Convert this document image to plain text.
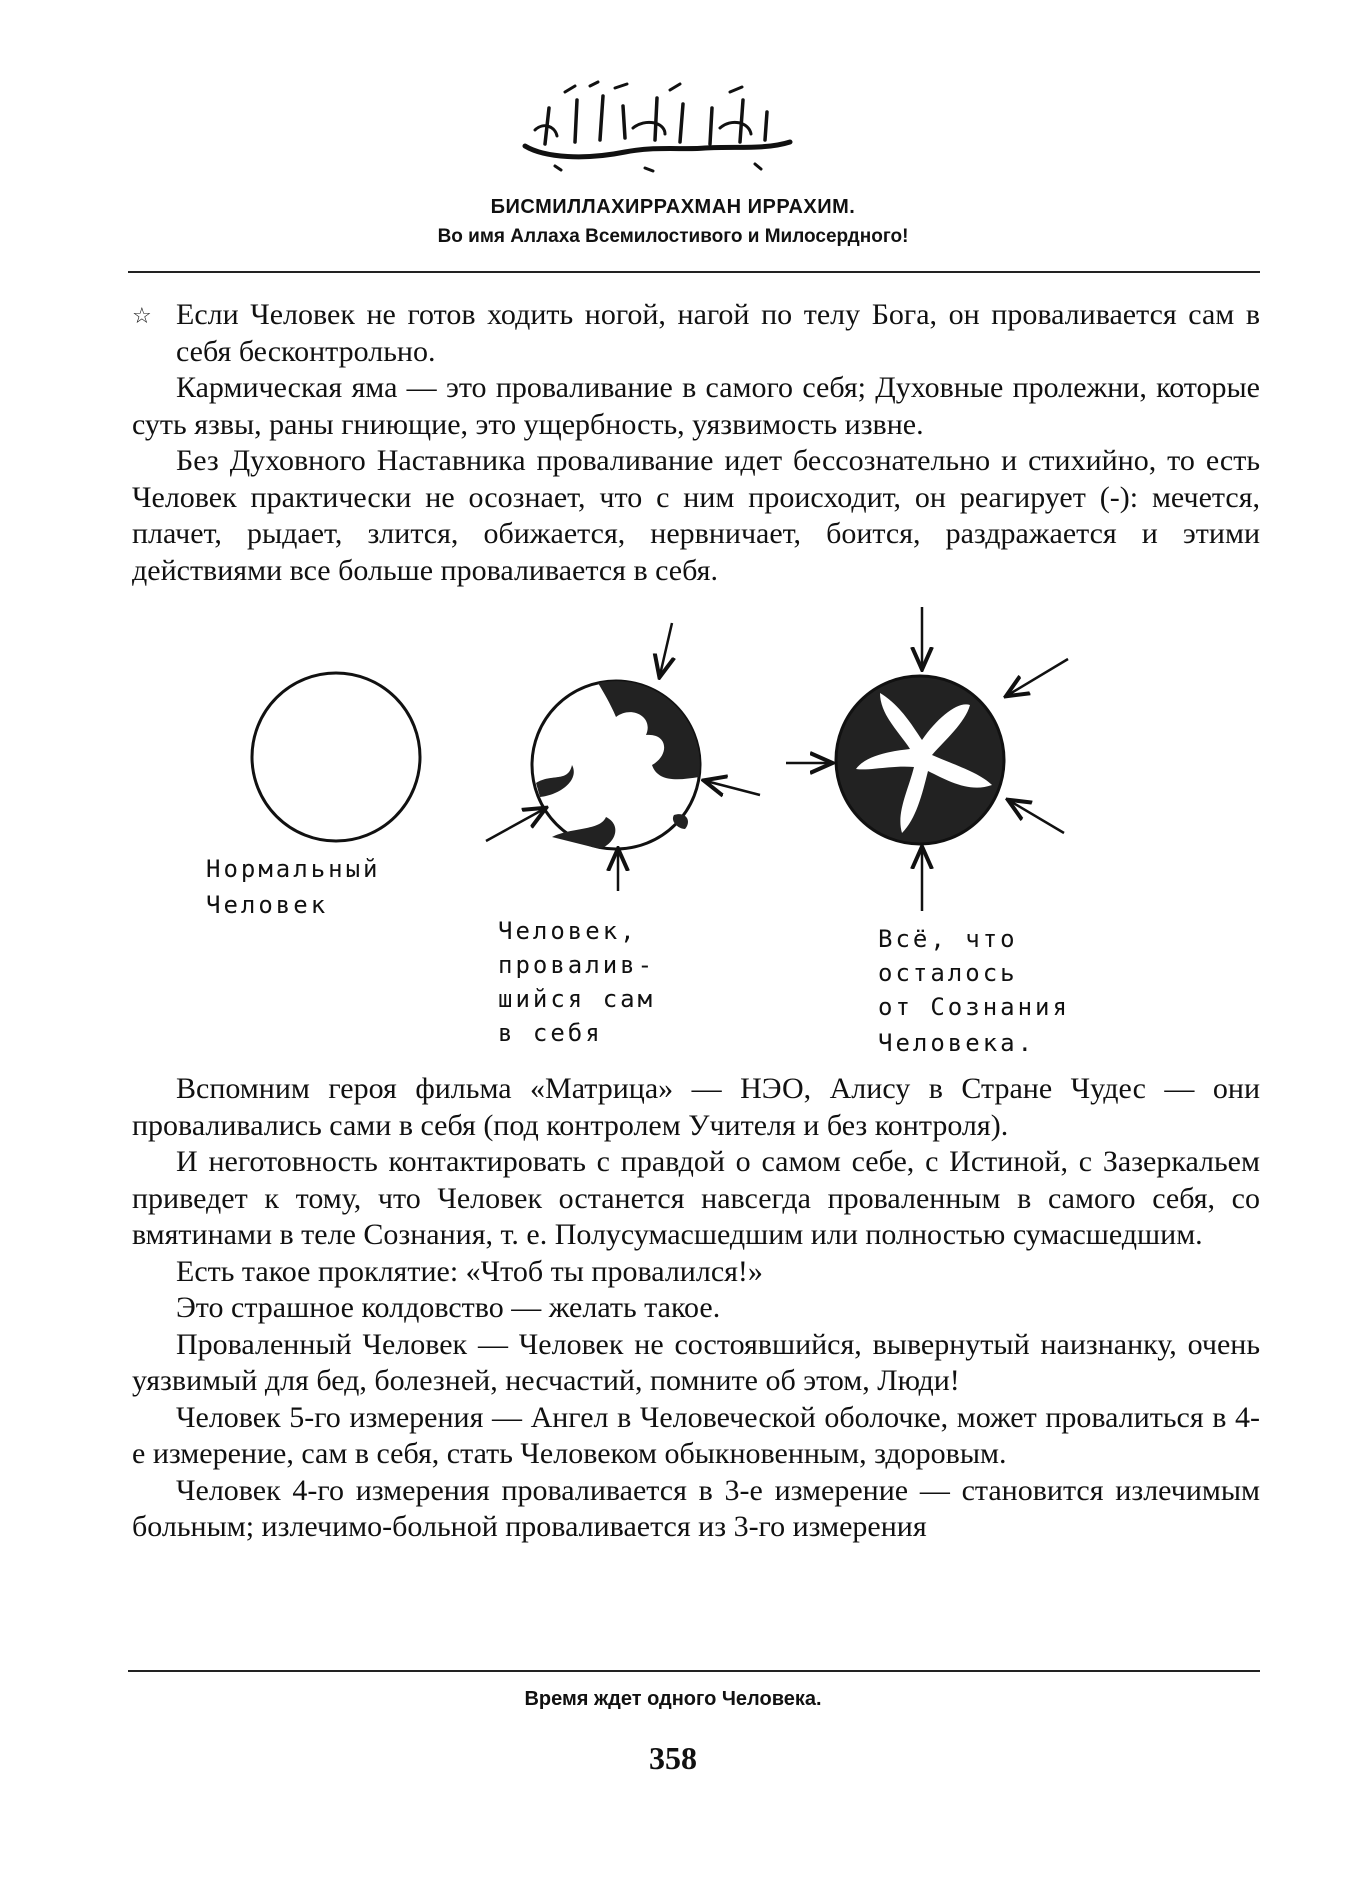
БИСМИЛЛАХИРРАХМАН ИРРАХИМ.
Во имя Аллаха Всемилостивого и Милосердного!

☆ Если Человек не готов ходить ногой, нагой по телу Бога, он проваливается сам в себя бесконтрольно.

Кармическая яма — это проваливание в самого себя; Духовные пролежни, которые суть язвы, раны гниющие, это ущербность, уязвимость извне.

Без Духовного Наставника проваливание идет бессознательно и стихийно, то есть Человек практически не осознает, что с ним происходит, он реагирует (-): мечется, плачет, рыдает, злится, обижается, нервничает, боится, раздражается и этими действиями все больше проваливается в себя.

Нормальный
Человек
Человек,
провалив-
шийся сам
в себя
Всё, что
осталось
от Сознания
Человека.

Вспомним героя фильма «Матрица» — НЭО, Алису в Стране Чудес — они проваливались сами в себя (под контролем Учителя и без контроля).

И неготовность контактировать с правдой о самом себе, с Истиной, с Зазеркальем приведет к тому, что Человек останется навсегда проваленным в самого себя, со вмятинами в теле Сознания, т. е. Полусумасшедшим или полностью сумасшедшим.

Есть такое проклятие: «Чтоб ты провалился!»

Это страшное колдовство — желать такое.

Проваленный Человек — Человек не состоявшийся, вывернутый наизнанку, очень уязвимый для бед, болезней, несчастий, помните об этом, Люди!

Человек 5-го измерения — Ангел в Человеческой оболочке, может провалиться в 4-е измерение, сам в себя, стать Человеком обыкновенным, здоровым.

Человек 4-го измерения проваливается в 3-е измерение — становится излечимым больным; излечимо-больной проваливается из 3-го измерения

Время ждет одного Человека.
358
